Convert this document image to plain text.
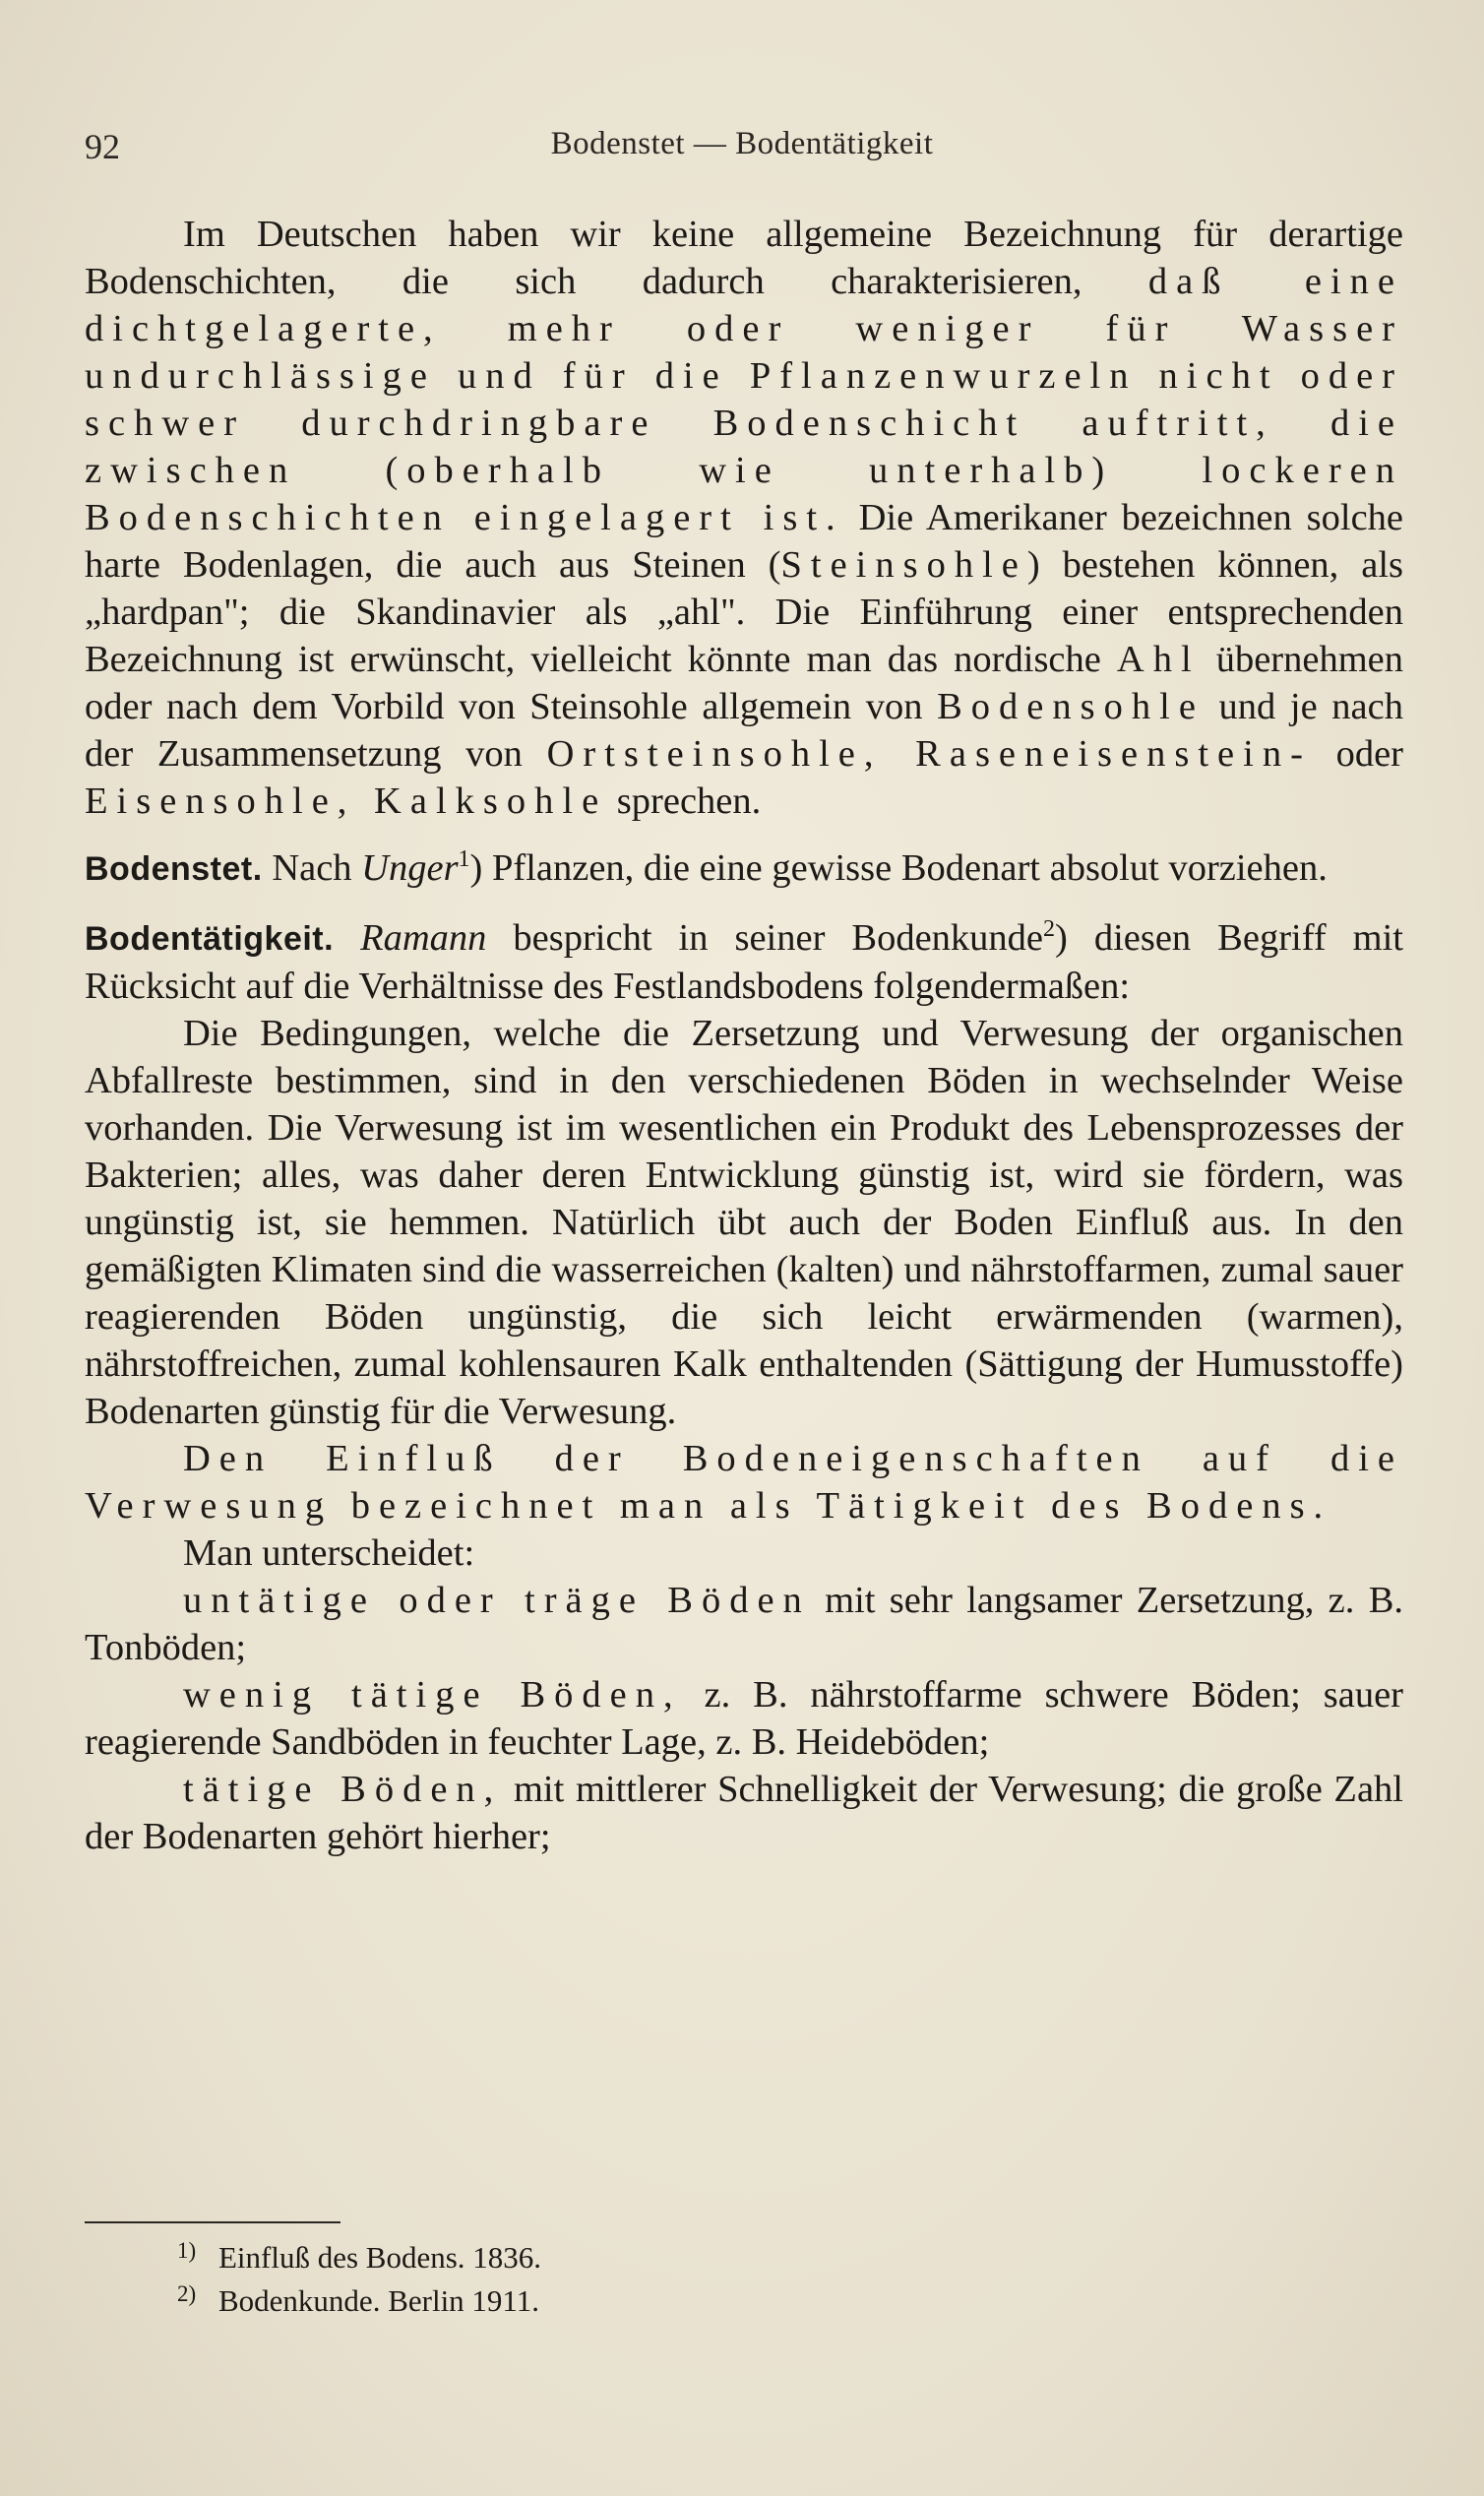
92	Bodenstet — Bodentätigkeit

Im Deutschen haben wir keine allgemeine Bezeichnung für derartige Bodenschichten, die sich dadurch charakterisieren, daß eine dichtgelagerte, mehr oder weniger für Wasser undurchlässige und für die Pflanzenwurzeln nicht oder schwer durchdringbare Bodenschicht auftritt, die zwischen (oberhalb wie unterhalb) lockeren Bodenschichten eingelagert ist. Die Amerikaner bezeichnen solche harte Bodenlagen, die auch aus Steinen (Steinsohle) bestehen können, als „hardpan"; die Skandinavier als „ahl". Die Einführung einer entsprechenden Bezeichnung ist erwünscht, vielleicht könnte man das nordische Ahl übernehmen oder nach dem Vorbild von Steinsohle allgemein von Bodensohle und je nach der Zusammensetzung von Ortsteinsohle, Raseneisenstein- oder Eisensohle, Kalksohle sprechen.

Bodenstet. Nach Unger$^1$) Pflanzen, die eine gewisse Bodenart absolut vorziehen.

Bodentätigkeit. Ramann bespricht in seiner Bodenkunde$^2$) diesen Begriff mit Rücksicht auf die Verhältnisse des Festlandsbodens folgendermaßen:

Die Bedingungen, welche die Zersetzung und Verwesung der organischen Abfallreste bestimmen, sind in den verschiedenen Böden in wechselnder Weise vorhanden. Die Verwesung ist im wesentlichen ein Produkt des Lebensprozesses der Bakterien; alles, was daher deren Entwicklung günstig ist, wird sie fördern, was ungünstig ist, sie hemmen. Natürlich übt auch der Boden Einfluß aus. In den gemäßigten Klimaten sind die wasserreichen (kalten) und nährstoffarmen, zumal sauer reagierenden Böden ungünstig, die sich leicht erwärmenden (warmen), nährstoffreichen, zumal kohlensauren Kalk enthaltenden (Sättigung der Humusstoffe) Bodenarten günstig für die Verwesung.

Den Einfluß der Bodeneigenschaften auf die Verwesung bezeichnet man als Tätigkeit des Bodens.

Man unterscheidet:

untätige oder träge Böden mit sehr langsamer Zersetzung, z. B. Tonböden;

wenig tätige Böden, z. B. nährstoffarme schwere Böden; sauer reagierende Sandböden in feuchter Lage, z. B. Heideböden;

tätige Böden, mit mittlerer Schnelligkeit der Verwesung; die große Zahl der Bodenarten gehört hierher;

1) Einfluß des Bodens. 1836.
2) Bodenkunde. Berlin 1911.
